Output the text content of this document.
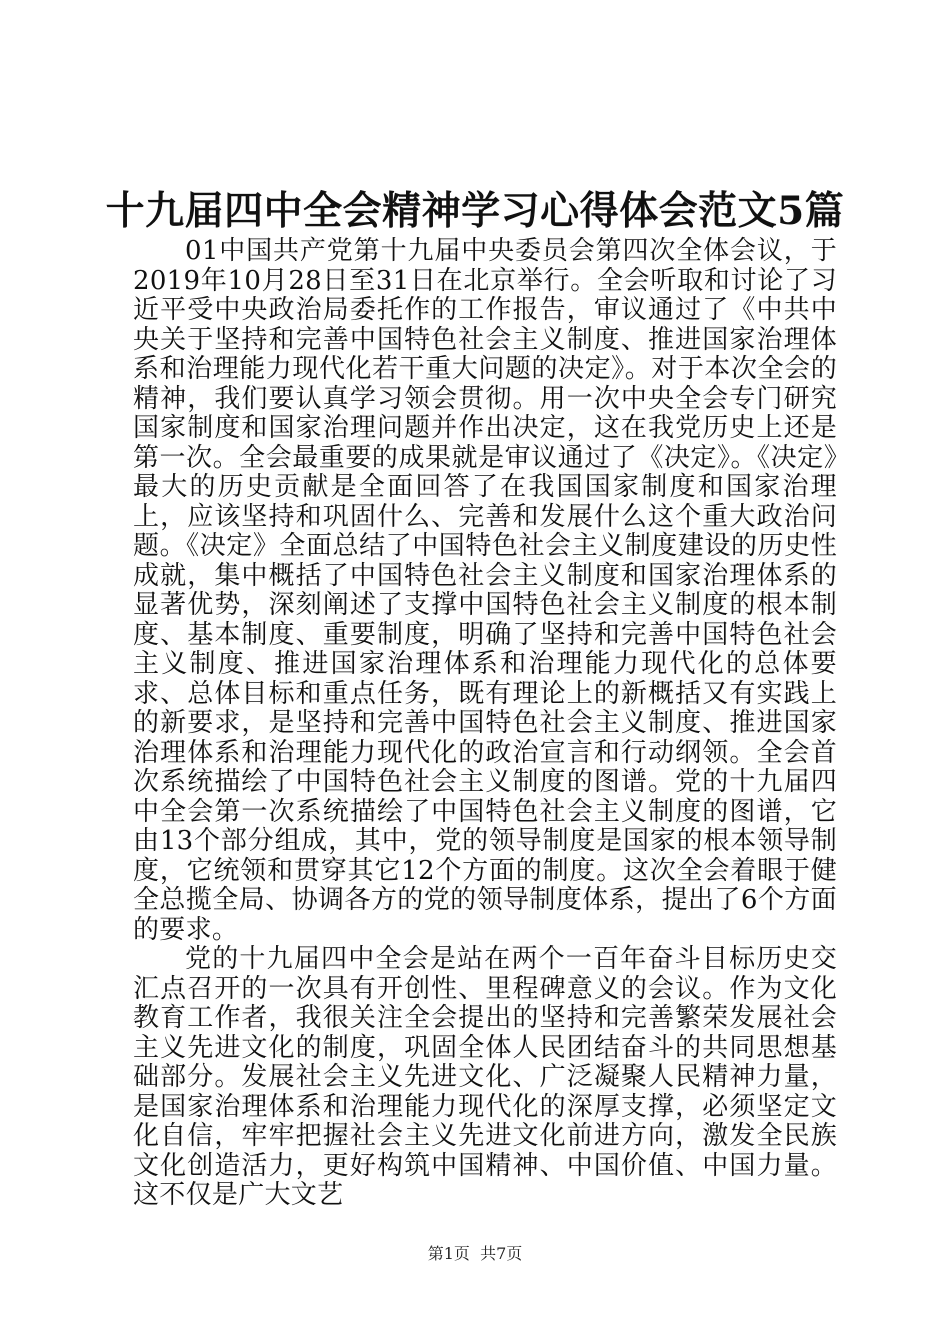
十九届四中全会精神学习心得体会范文5篇

01中国共产党第十九届中央委员会第四次全体会议，于2019年10月28日至31日在北京举行。全会听取和讨论了习近平受中央政治局委托作的工作报告，审议通过了《中共中央关于坚持和完善中国特色社会主义制度、推进国家治理体系和治理能力现代化若干重大问题的决定》。对于本次全会的精神，我们要认真学习领会贯彻。用一次中央全会专门研究国家制度和国家治理问题并作出决定，这在我党历史上还是第一次。全会最重要的成果就是审议通过了《决定》。《决定》最大的历史贡献是全面回答了在我国国家制度和国家治理上，应该坚持和巩固什么、完善和发展什么这个重大政治问题。《决定》全面总结了中国特色社会主义制度建设的历史性成就，集中概括了中国特色社会主义制度和国家治理体系的显著优势，深刻阐述了支撑中国特色社会主义制度的根本制度、基本制度、重要制度，明确了坚持和完善中国特色社会主义制度、推进国家治理体系和治理能力现代化的总体要求、总体目标和重点任务，既有理论上的新概括又有实践上的新要求，是坚持和完善中国特色社会主义制度、推进国家治理体系和治理能力现代化的政治宣言和行动纲领。全会首次系统描绘了中国特色社会主义制度的图谱。党的十九届四中全会第一次系统描绘了中国特色社会主义制度的图谱，它由13个部分组成，其中，党的领导制度是国家的根本领导制度，它统领和贯穿其它12个方面的制度。这次全会着眼于健全总揽全局、协调各方的党的领导制度体系，提出了6个方面的要求。

党的十九届四中全会是站在两个一百年奋斗目标历史交汇点召开的一次具有开创性、里程碑意义的会议。作为文化教育工作者，我很关注全会提出的坚持和完善繁荣发展社会主义先进文化的制度，巩固全体人民团结奋斗的共同思想基础部分。发展社会主义先进文化、广泛凝聚人民精神力量，是国家治理体系和治理能力现代化的深厚支撑，必须坚定文化自信，牢牢把握社会主义先进文化前进方向，激发全民族文化创造活力，更好构筑中国精神、中国价值、中国力量。这不仅是广大文艺

第1页 共7页
